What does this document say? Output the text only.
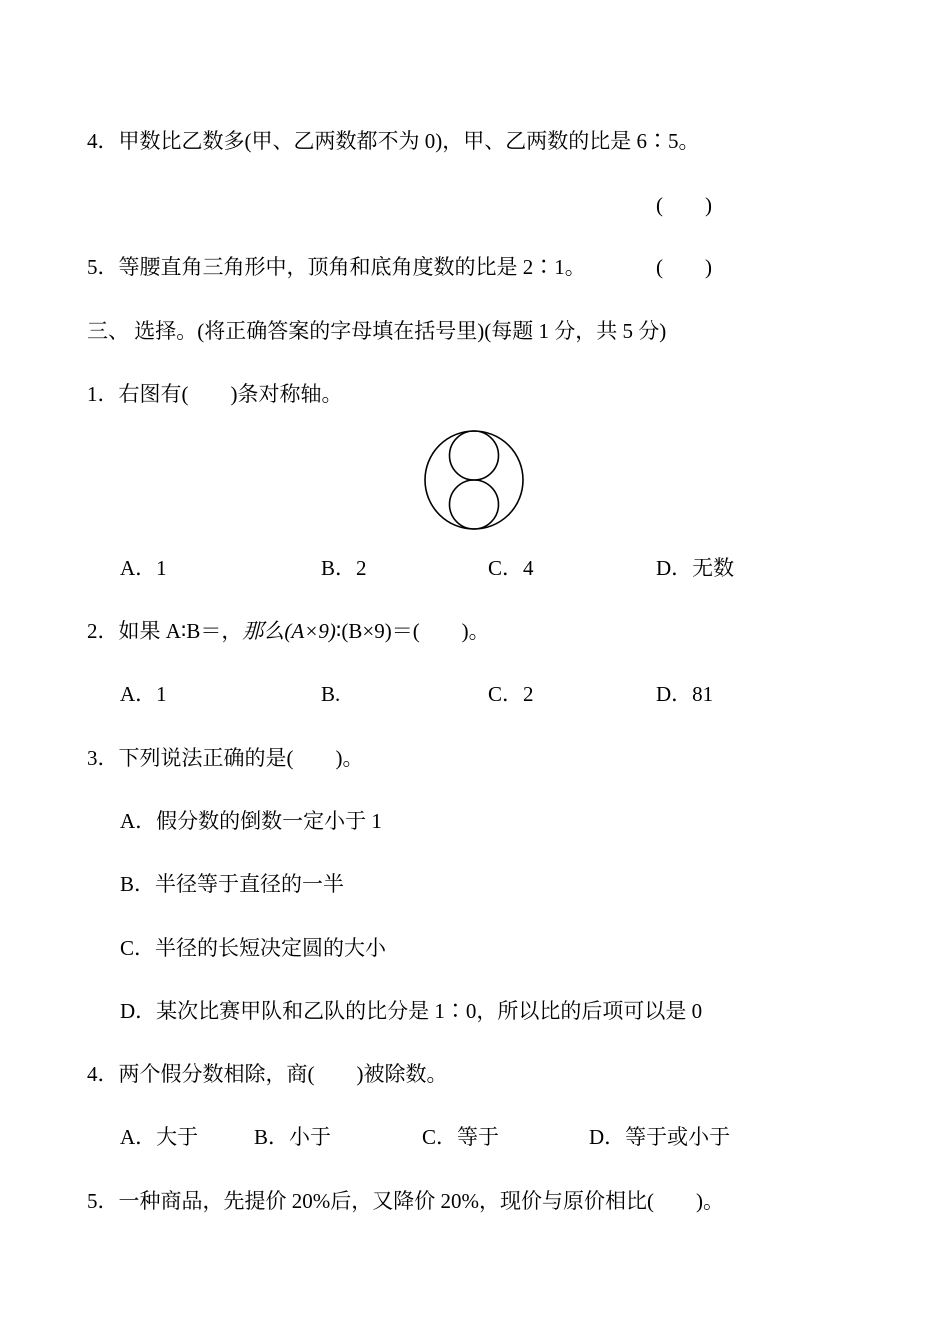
4．甲数比乙数多(甲、乙两数都不为 0)，甲、乙两数的比是 6∶5。
(　　)
5．等腰直角三角形中，顶角和底角度数的比是 2∶1。	(　　)
三、 选择。(将正确答案的字母填在括号里)(每题 1 分，共 5 分)
1．右图有(　　)条对称轴。
A．1	B．2	C．4	D．无数
2．如果 A∶B＝，那么(A×9)∶(B×9)＝(　　)。
A．1	B.	C．2	D．81
3．下列说法正确的是(　　)。
A．假分数的倒数一定小于 1
B．半径等于直径的一半
C．半径的长短决定圆的大小
D．某次比赛甲队和乙队的比分是 1∶0，所以比的后项可以是 0
4．两个假分数相除，商(　　)被除数。
A．大于	B．小于	C．等于	D．等于或小于
5．一种商品，先提价 20%后，又降价 20%，现价与原价相比(　　)。
